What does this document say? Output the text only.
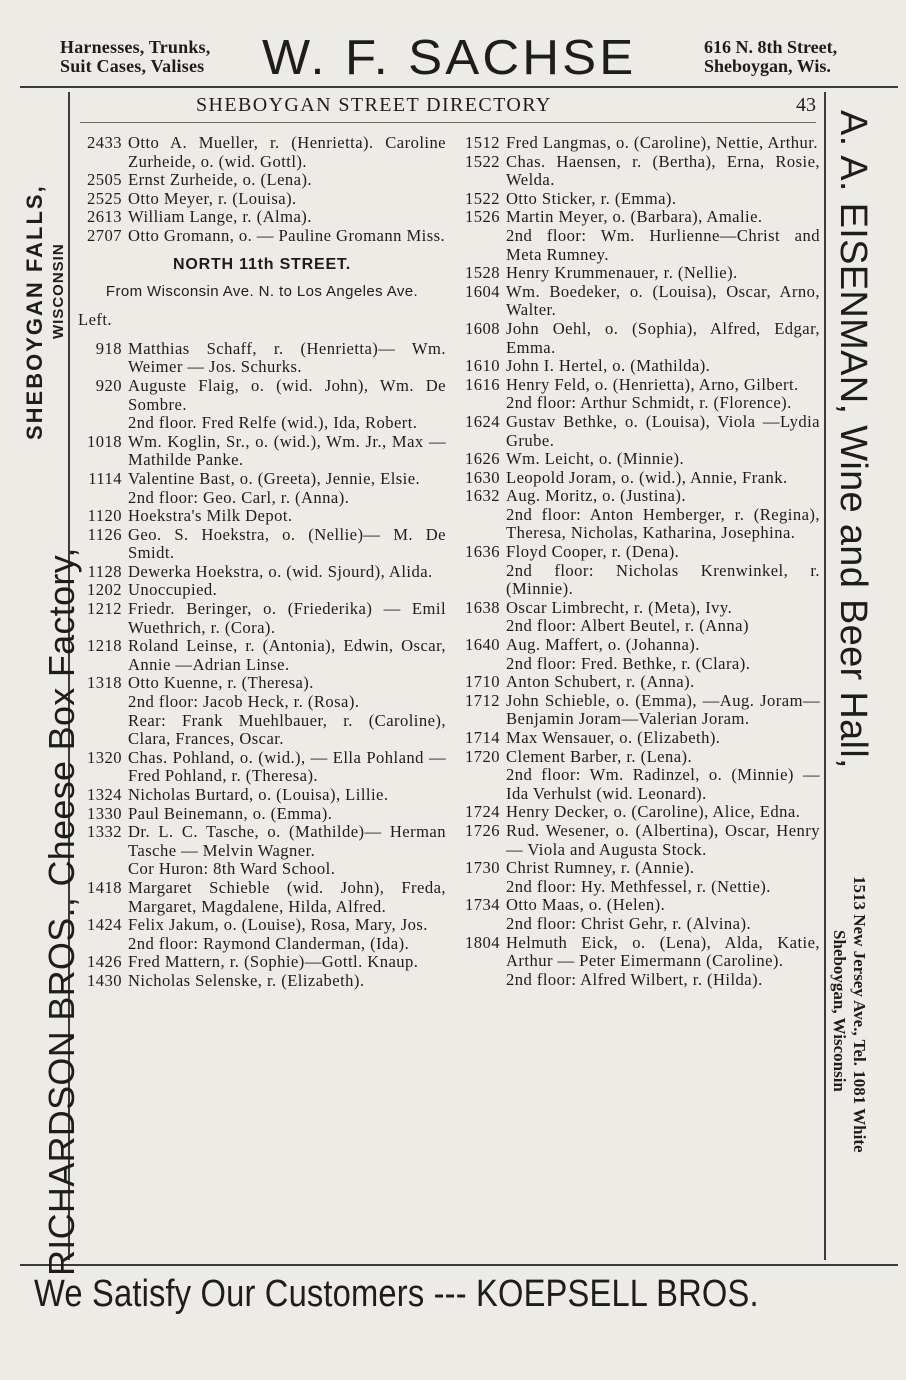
Harnesses, Trunks,
Suit Cases, Valises W. F. SACHSE	616 N. 8th Street,
Sheboygan, Wis.
RICHARDSON BROS., Cheese Box Factory,
SHEBOYGAN FALLS, WISCONSIN	A. A. EISENMAN, Wine and Beer Hall,
1513 New Jersey Ave., Tel. 1081 White
Sheboygan, Wisconsin
SHEBOYGAN STREET DIRECTORY	43
2433 Otto A. Mueller, r. (Henrietta). Caroline Zurheide, o. (wid. Gottl).
2505 Ernst Zurheide, o. (Lena).
2525 Otto Meyer, r. (Louisa).
2613 William Lange, r. (Alma).
2707 Otto Gromann, o. — Pauline Gromann Miss.
NORTH 11th STREET.
From Wisconsin Ave. N. to Los Angeles Ave.
Left.
918 Matthias Schaff, r. (Henrietta)— Wm. Weimer — Jos. Schurks.
920 Auguste Flaig, o. (wid. John), Wm. De Sombre.
2nd floor. Fred Relfe (wid.), Ida, Robert.
1018 Wm. Koglin, Sr., o. (wid.), Wm. Jr., Max — Mathilde Panke.
1114 Valentine Bast, o. (Greeta), Jennie, Elsie.
2nd floor: Geo. Carl, r. (Anna).
1120 Hoekstra's Milk Depot.
1126 Geo. S. Hoekstra, o. (Nellie)— M. De Smidt.
1128 Dewerka Hoekstra, o. (wid. Sjourd), Alida.
1202 Unoccupied.
1212 Friedr. Beringer, o. (Friederika) — Emil Wuethrich, r. (Cora).
1218 Roland Leinse, r. (Antonia), Edwin, Oscar, Annie —Adrian Linse.
1318 Otto Kuenne, r. (Theresa).
2nd floor: Jacob Heck, r. (Rosa).
Rear: Frank Muehlbauer, r. (Caroline), Clara, Frances, Oscar.
1320 Chas. Pohland, o. (wid.), — Ella Pohland — Fred Pohland, r. (Theresa).
1324 Nicholas Burtard, o. (Louisa), Lillie.
1330 Paul Beinemann, o. (Emma).
1332 Dr. L. C. Tasche, o. (Mathilde)— Herman Tasche — Melvin Wagner.
Cor Huron: 8th Ward School.
1418 Margaret Schieble (wid. John), Freda, Margaret, Magdalene, Hilda, Alfred.
1424 Felix Jakum, o. (Louise), Rosa, Mary, Jos.
2nd floor: Raymond Clanderman, (Ida).
1426 Fred Mattern, r. (Sophie)—Gottl. Knaup.
1430 Nicholas Selenske, r. (Elizabeth).
1512 Fred Langmas, o. (Caroline), Nettie, Arthur.
1522 Chas. Haensen, r. (Bertha), Erna, Rosie, Welda.
1522 Otto Sticker, r. (Emma).
1526 Martin Meyer, o. (Barbara), Amalie.
2nd floor: Wm. Hurlienne—Christ and Meta Rumney.
1528 Henry Krummenauer, r. (Nellie).
1604 Wm. Boedeker, o. (Louisa), Oscar, Arno, Walter.
1608 John Oehl, o. (Sophia), Alfred, Edgar, Emma.
1610 John I. Hertel, o. (Mathilda).
1616 Henry Feld, o. (Henrietta), Arno, Gilbert.
2nd floor: Arthur Schmidt, r. (Florence).
1624 Gustav Bethke, o. (Louisa), Viola —Lydia Grube.
1626 Wm. Leicht, o. (Minnie).
1630 Leopold Joram, o. (wid.), Annie, Frank.
1632 Aug. Moritz, o. (Justina).
2nd floor: Anton Hemberger, r. (Regina), Theresa, Nicholas, Katharina, Josephina.
1636 Floyd Cooper, r. (Dena).
2nd floor: Nicholas Krenwinkel, r. (Minnie).
1638 Oscar Limbrecht, r. (Meta), Ivy.
2nd floor: Albert Beutel, r. (Anna)
1640 Aug. Maffert, o. (Johanna).
2nd floor: Fred. Bethke, r. (Clara).
1710 Anton Schubert, r. (Anna).
1712 John Schieble, o. (Emma), —Aug. Joram—Benjamin Joram—Valerian Joram.
1714 Max Wensauer, o. (Elizabeth).
1720 Clement Barber, r. (Lena).
2nd floor: Wm. Radinzel, o. (Minnie) — Ida Verhulst (wid. Leonard).
1724 Henry Decker, o. (Caroline), Alice, Edna.
1726 Rud. Wesener, o. (Albertina), Oscar, Henry — Viola and Augusta Stock.
1730 Christ Rumney, r. (Annie).
2nd floor: Hy. Methfessel, r. (Nettie).
1734 Otto Maas, o. (Helen).
2nd floor: Christ Gehr, r. (Alvina).
1804 Helmuth Eick, o. (Lena), Alda, Katie, Arthur — Peter Eimermann (Caroline).
2nd floor: Alfred Wilbert, r. (Hilda).
We Satisfy Our Customers --- KOEPSELL BROS.
